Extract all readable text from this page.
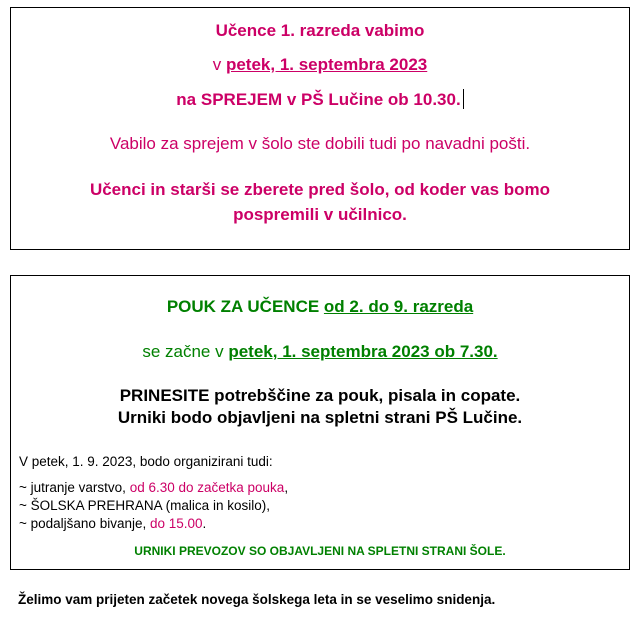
Učence 1. razreda vabimo
v petek, 1. septembra 2023
na SPREJEM v PŠ Lučine ob 10.30.
Vabilo za sprejem v šolo ste dobili tudi po navadni pošti.
Učenci in starši se zberete pred šolo, od koder vas bomo
pospremili v učilnico.
POUK ZA UČENCE od 2. do 9. razreda
se začne v petek, 1. septembra 2023 ob 7.30.
PRINESITE potrebščine za pouk, pisala in copate.
Urniki bodo objavljeni na spletni strani PŠ Lučine.
V petek, 1. 9. 2023, bodo organizirani tudi:
~ jutranje varstvo, od 6.30 do začetka pouka,
~ ŠOLSKA PREHRANA (malica in kosilo),
~ podaljšano bivanje, do 15.00.
URNIKI PREVOZOV SO OBJAVLJENI NA SPLETNI STRANI ŠOLE.
Želimo vam prijeten začetek novega šolskega leta in se veselimo snidenja.
